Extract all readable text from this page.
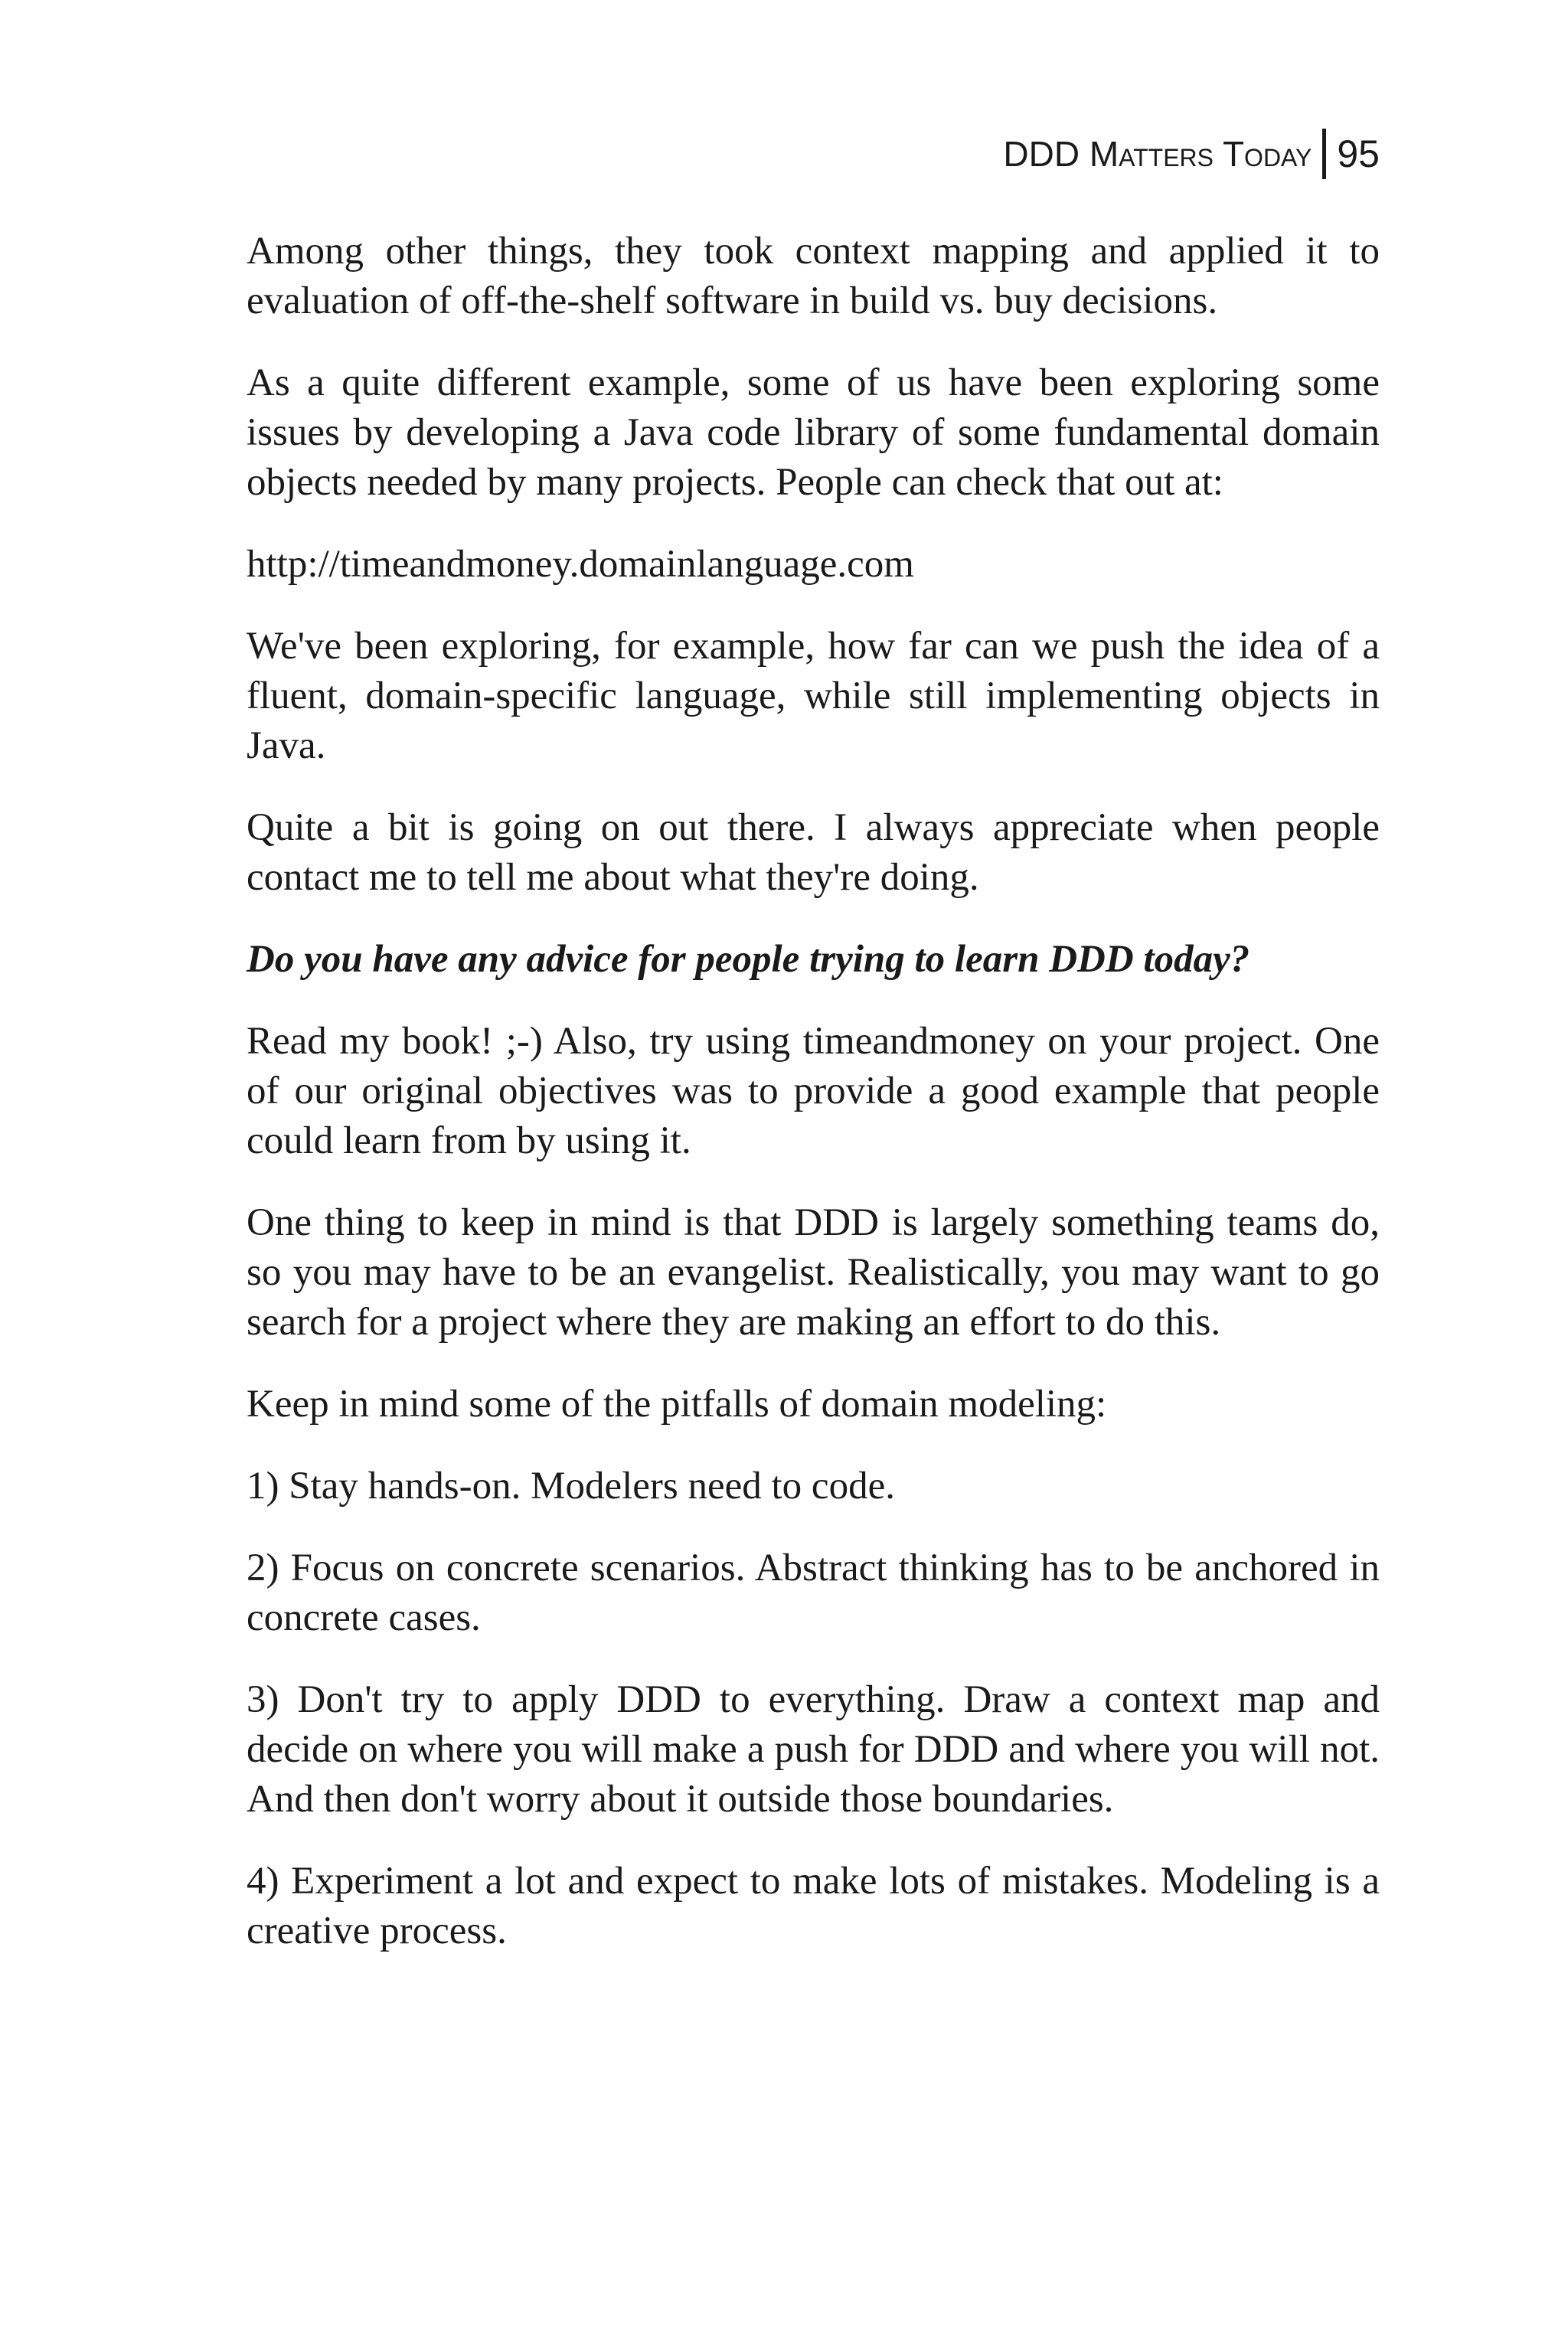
DDD Matters Today 95

Among other things, they took context mapping and applied it to evaluation of off-the-shelf software in build vs. buy decisions.

As a quite different example, some of us have been exploring some issues by developing a Java code library of some fundamental domain objects needed by many projects. People can check that out at:

http://timeandmoney.domainlanguage.com

We've been exploring, for example, how far can we push the idea of a fluent, domain-specific language, while still implementing objects in Java.

Quite a bit is going on out there. I always appreciate when people contact me to tell me about what they're doing.

Do you have any advice for people trying to learn DDD today?

Read my book! ;-) Also, try using timeandmoney on your project. One of our original objectives was to provide a good example that people could learn from by using it.

One thing to keep in mind is that DDD is largely something teams do, so you may have to be an evangelist. Realistically, you may want to go search for a project where they are making an effort to do this.

Keep in mind some of the pitfalls of domain modeling:

1) Stay hands-on. Modelers need to code.

2) Focus on concrete scenarios. Abstract thinking has to be anchored in concrete cases.

3) Don't try to apply DDD to everything. Draw a context map and decide on where you will make a push for DDD and where you will not. And then don't worry about it outside those boundaries.

4) Experiment a lot and expect to make lots of mistakes. Modeling is a creative process.
